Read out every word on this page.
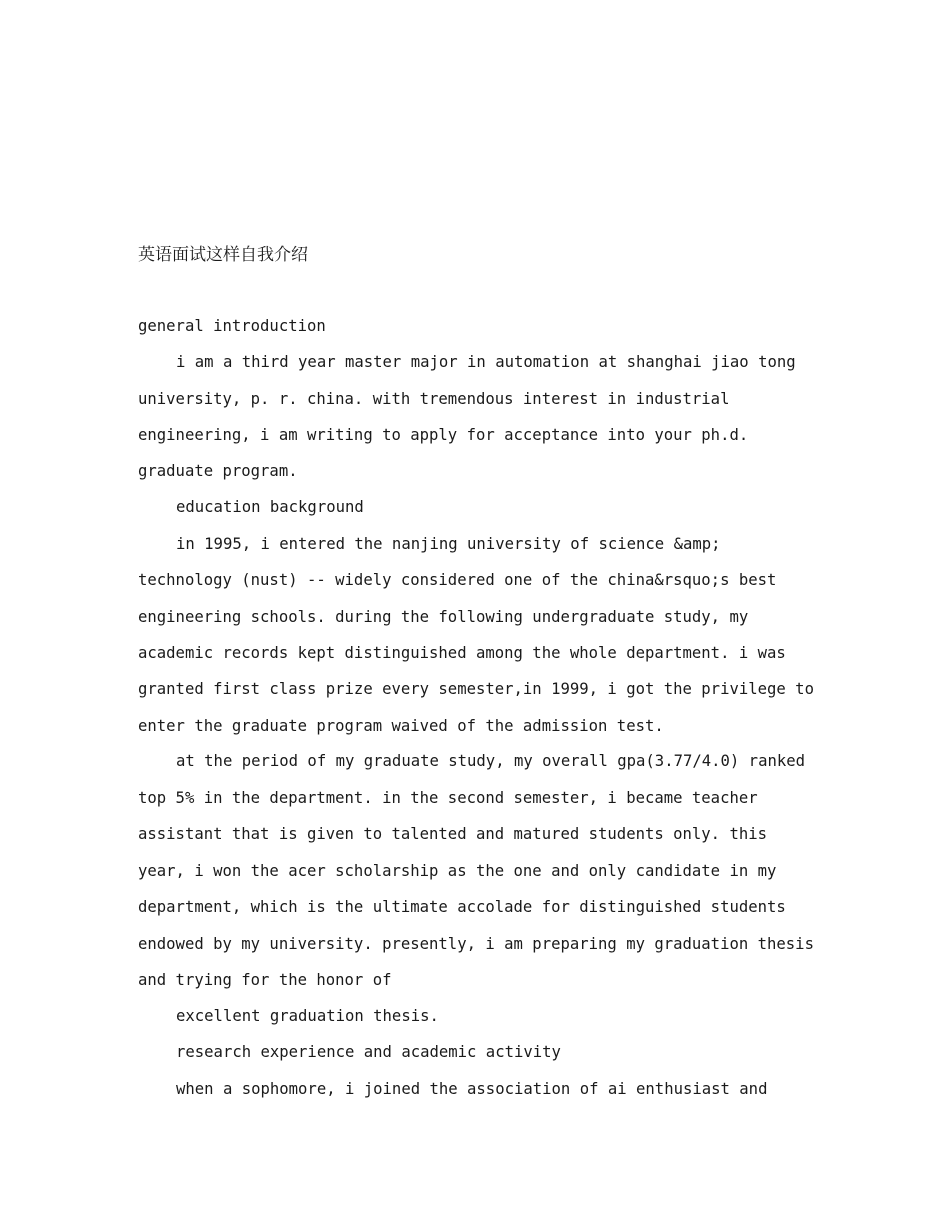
英语面试这样自我介绍
general introduction
i am a third year master major in automation at shanghai jiao tong
university, p. r. china. with tremendous interest in industrial
engineering, i am writing to apply for acceptance into your ph.d.
graduate program.
education background
in 1995, i entered the nanjing university of science &amp;
technology (nust) -- widely considered one of the china&rsquo;s best
engineering schools. during the following undergraduate study, my
academic records kept distinguished among the whole department. i was
granted first class prize every semester,in 1999, i got the privilege to
enter the graduate program waived of the admission test.
at the period of my graduate study, my overall gpa(3.77/4.0) ranked
top 5% in the department. in the second semester, i became teacher
assistant that is given to talented and matured students only. this
year, i won the acer scholarship as the one and only candidate in my
department, which is the ultimate accolade for distinguished students
endowed by my university. presently, i am preparing my graduation thesis
and trying for the honor of
excellent graduation thesis.
research experience and academic activity
when a sophomore, i joined the association of ai enthusiast and
